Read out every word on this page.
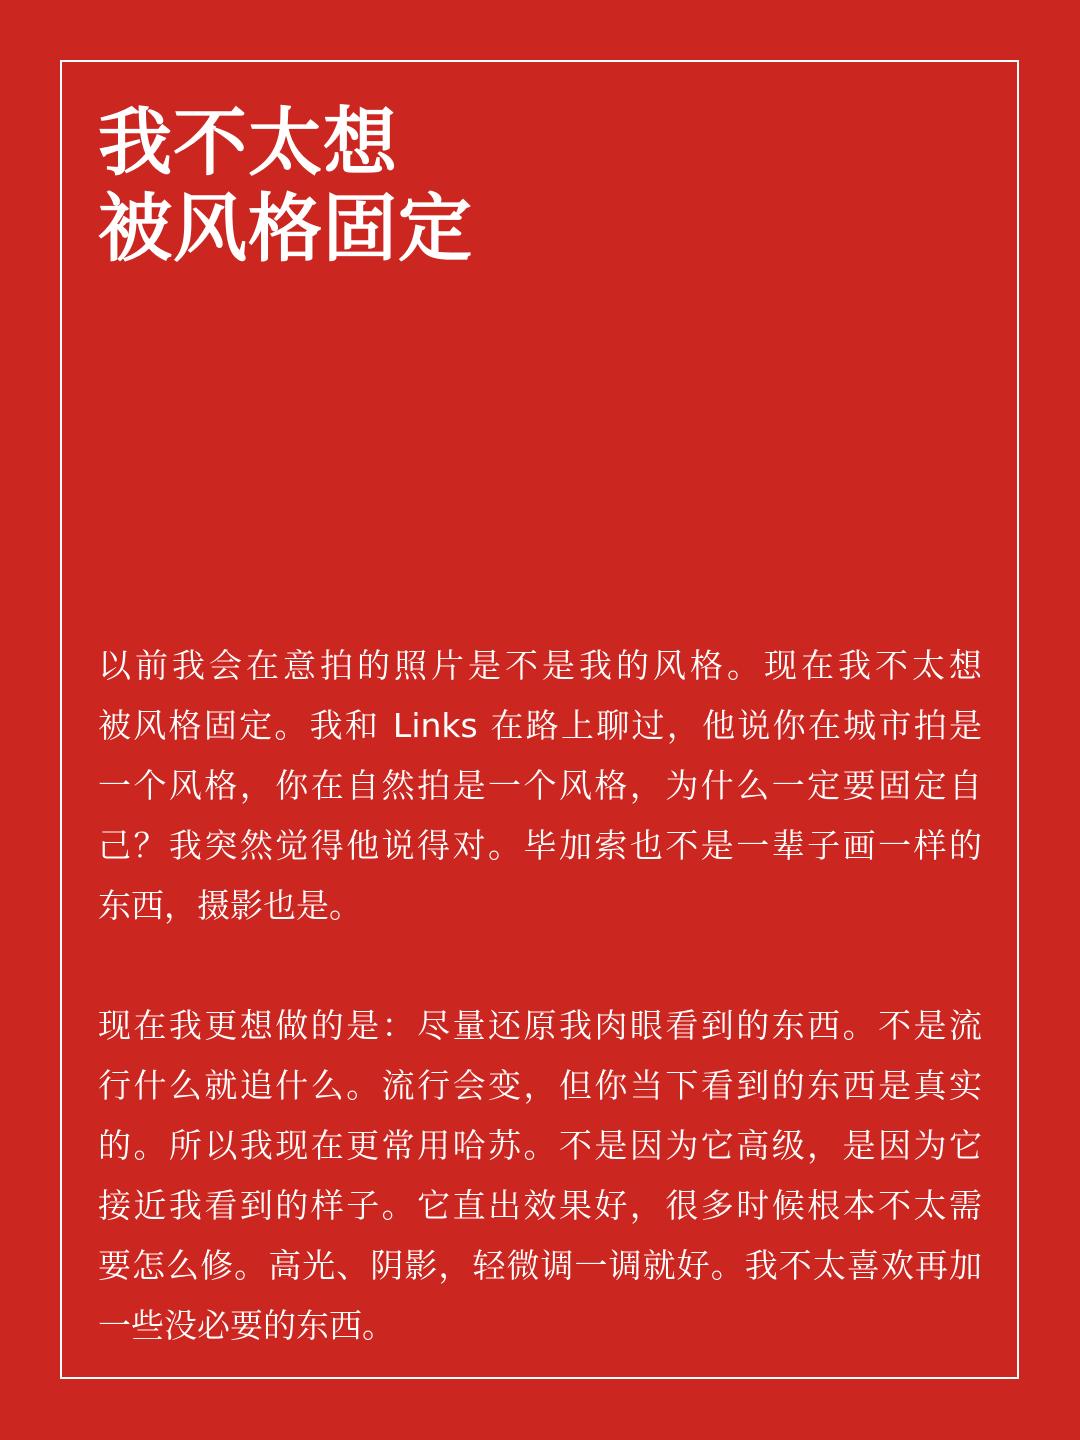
我不太想
被风格固定
以前我会在意拍的照片是不是我的风格。现在我不太想
被风格固定。我和 Links 在路上聊过，他说你在城市拍是
一个风格，你在自然拍是一个风格，为什么一定要固定自
己？我突然觉得他说得对。毕加索也不是一辈子画一样的
东西，摄影也是。
现在我更想做的是：尽量还原我肉眼看到的东西。不是流
行什么就追什么。流行会变，但你当下看到的东西是真实
的。所以我现在更常用哈苏。不是因为它高级，是因为它
接近我看到的样子。它直出效果好，很多时候根本不太需
要怎么修。高光、阴影，轻微调一调就好。我不太喜欢再加
一些没必要的东西。
